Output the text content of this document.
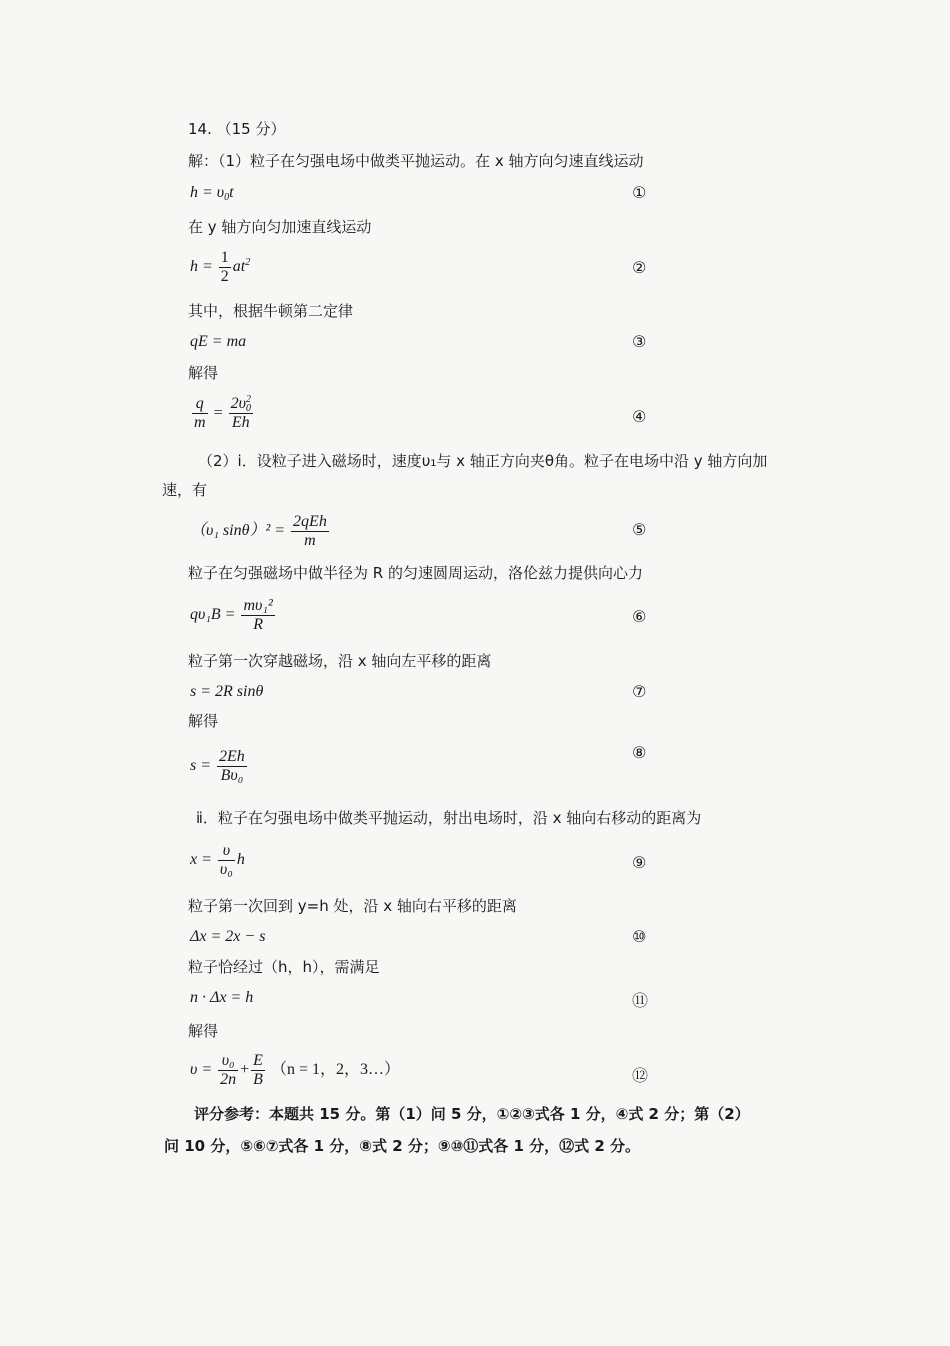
14. （15 分）
解：（1）粒子在匀强电场中做类平抛运动。在 x 轴方向匀速直线运动
$h = \upsilon_0t$	①
在 y 轴方向匀加速直线运动
$h = \frac{1}{2} at^2$	②
其中，根据牛顿第二定律
qE = ma	③
解得
$\frac{q}{m} = 2\upsilon$ 2
0
Eh	④
（2）ⅰ．设粒子进入磁场时，速度υ₁与 x 轴正方向夹θ角。粒子在电场中沿 y 轴方向加
速，有
（υ₁ $\sin\theta)^2 = \frac{\text{2qEh}}{m}$	⑤
粒子在匀强磁场中做半径为 R 的匀速圆周运动，洛伦兹力提供向心力
$q\upsilon_1B = \frac{\text{mυ₁²}}{R}$	⑥
粒子第一次穿越磁场，沿 x 轴向左平移的距离
s = 2R sinθ	⑦
解得
$s = \frac{2Eh}{\text{Bυ₀}}$	⑧
ⅱ．粒子在匀强电场中做类平抛运动，射出电场时，沿 x 轴向右移动的距离为
$x = \frac{\upsilon}{\text{υ₀}}$ h	⑨
粒子第一次回到 y=h 处，沿 x 轴向右平移的距离
Δx = 2x − s	⑩
粒子恰经过（h，h），需满足
n · Δx = h	⑪
解得
$\upsilon = \frac{\text{υ₀}}{2n} + \frac{E}{B} (n = 1$，2，3…）	⑫
评分参考：本题共 15 分。第（1）问 5 分，①②③式各 1 分，④式 2 分；第（2）
问 10 分，⑤⑥⑦式各 1 分，⑧式 2 分；⑨⑩⑪式各 1 分，⑫式 2 分。
